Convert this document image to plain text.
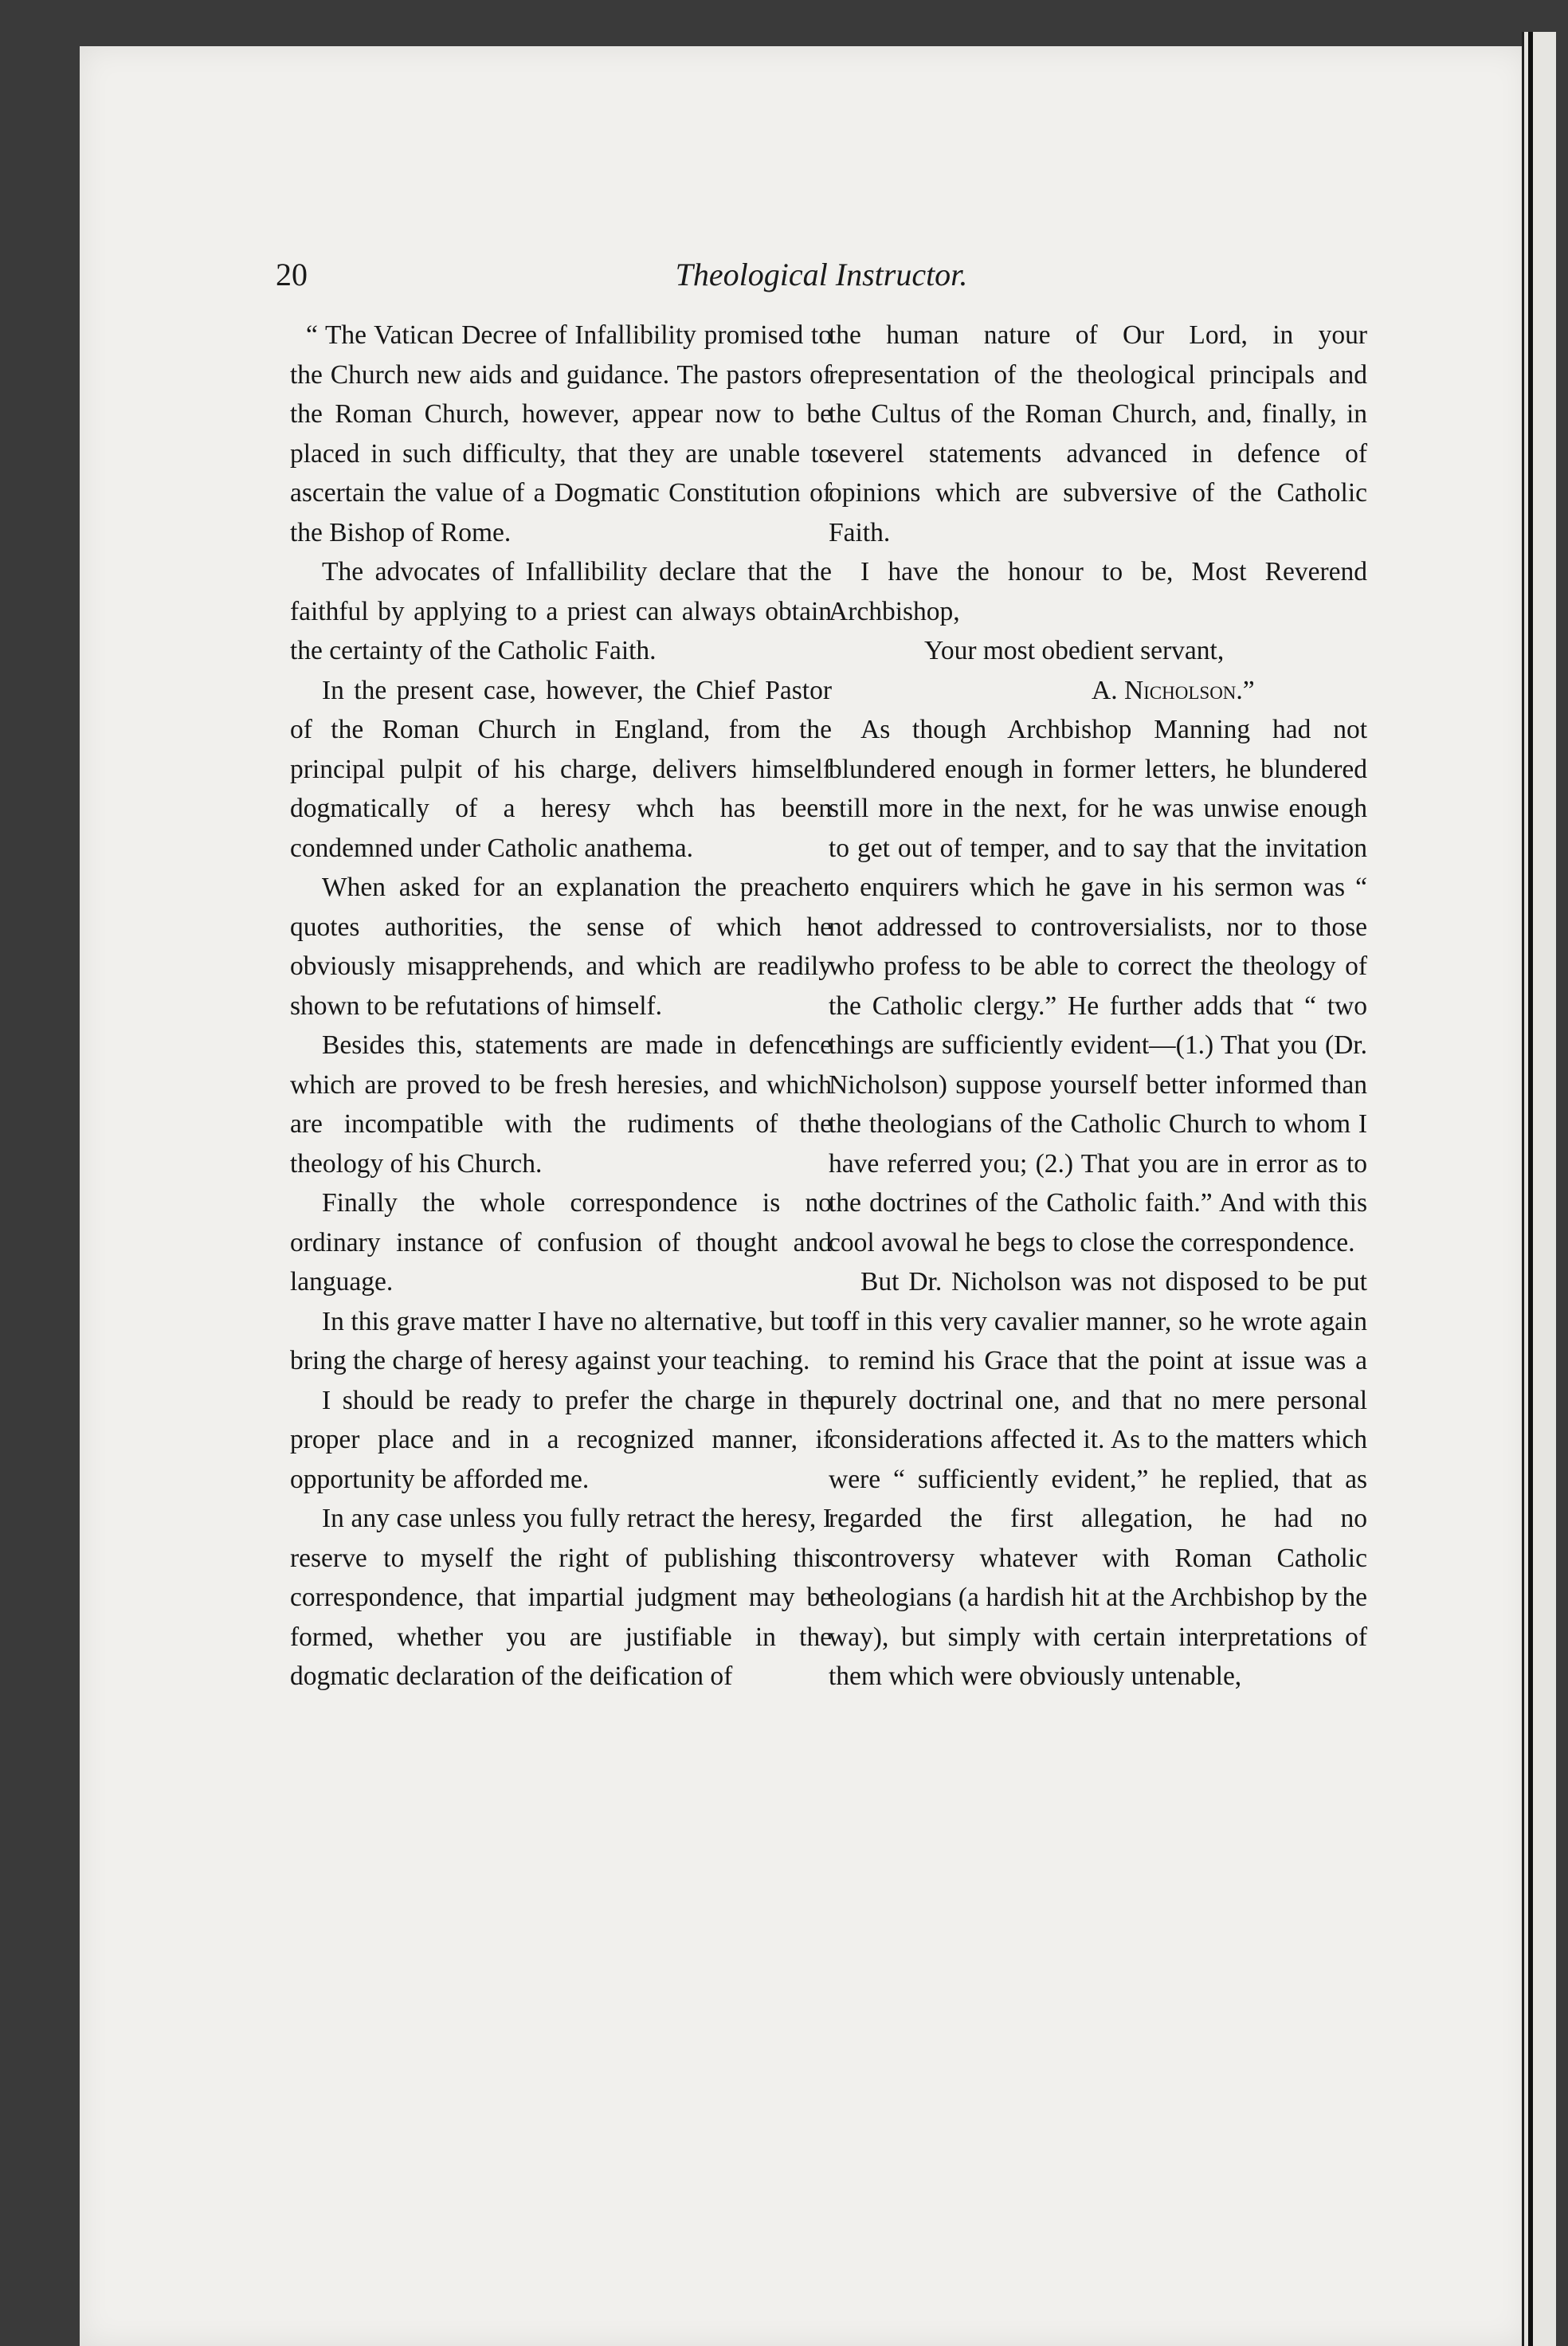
20	Theological Instructor.

“ The Vatican Decree of Infallibility promised to the Church new aids and guidance. The pastors of the Roman Church, however, appear now to be placed in such difficulty, that they are unable to ascertain the value of a Dogmatic Constitution of the Bishop of Rome.

The advocates of Infallibility declare that the faithful by applying to a priest can always obtain the certainty of the Catholic Faith.

In the present case, however, the Chief Pastor of the Roman Church in England, from the principal pulpit of his charge, delivers himself dogmatically of a heresy whch has been condemned under Catholic anathema.

When asked for an explanation the preacher quotes authorities, the sense of which he obviously misapprehends, and which are readily shown to be refutations of himself.

Besides this, statements are made in defence which are proved to be fresh heresies, and which are incompatible with the rudiments of the theology of his Church.

Finally the whole correspondence is no ordinary instance of confusion of thought and language.

In this grave matter I have no alternative, but to bring the charge of heresy against your teaching.

I should be ready to prefer the charge in the proper place and in a recognized manner, if opportunity be afforded me.

In any case unless you fully retract the heresy, I reserve to myself the right of publishing this correspondence, that impartial judgment may be formed, whether you are justifiable in the dogmatic declaration of the deification of

the human nature of Our Lord, in your representation of the theological principals and the Cultus of the Roman Church, and, finally, in severel statements advanced in defence of opinions which are subversive of the Catholic Faith.

I have the honour to be, Most Reverend Archbishop,

Your most obedient servant,

A. Nicholson.”

As though Archbishop Manning had not blundered enough in former letters, he blundered still more in the next, for he was unwise enough to get out of temper, and to say that the invitation to enquirers which he gave in his sermon was “ not addressed to controversialists, nor to those who profess to be able to correct the theology of the Catholic clergy.” He further adds that “ two things are sufficiently evident—(1.) That you (Dr. Nicholson) suppose yourself better informed than the theologians of the Catholic Church to whom I have referred you; (2.) That you are in error as to the doctrines of the Catholic faith.” And with this cool avowal he begs to close the correspondence.

But Dr. Nicholson was not disposed to be put off in this very cavalier manner, so he wrote again to remind his Grace that the point at issue was a purely doctrinal one, and that no mere personal considerations affected it. As to the matters which were “ sufficiently evident,” he replied, that as regarded the first allegation, he had no controversy whatever with Roman Catholic theologians (a hardish hit at the Archbishop by the way), but simply with certain interpretations of them which were obviously untenable,
